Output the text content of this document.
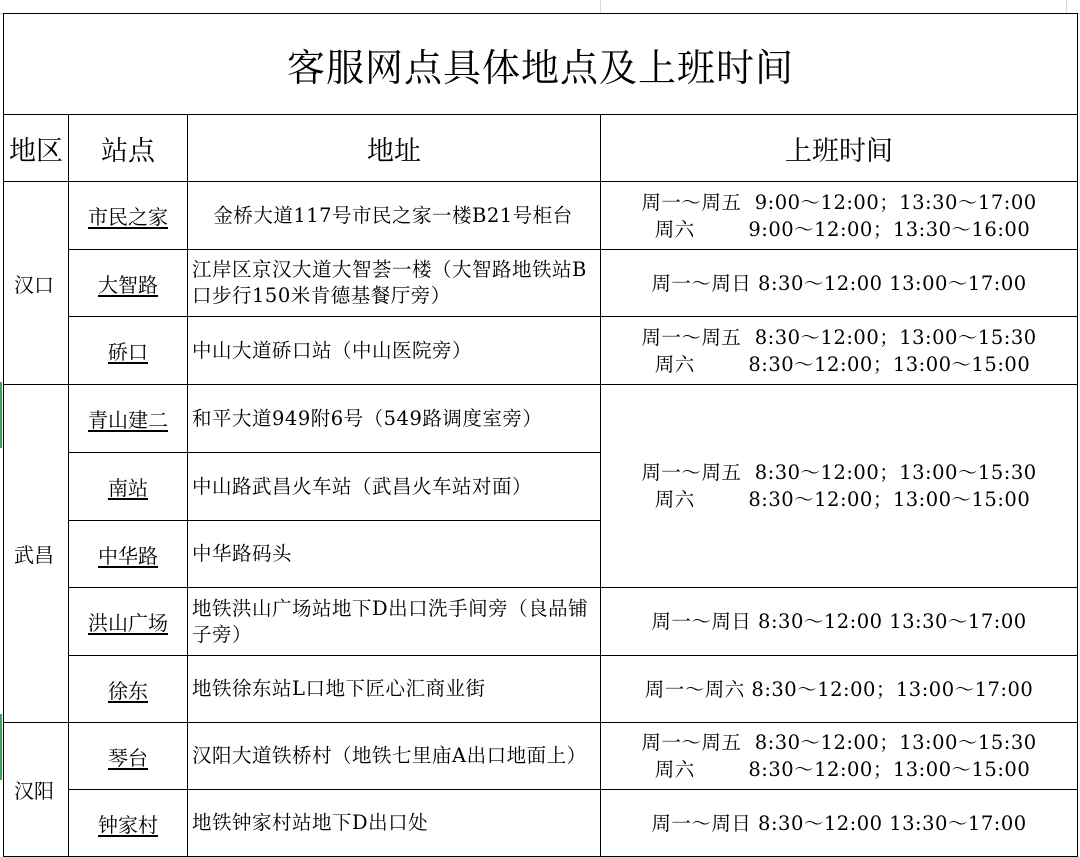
客服网点具体地点及上班时间			
地区	站点	地址	上班时间
汉口	市民之家	金桥大道117号市民之家一楼B21号柜台	周一～周五  9:00～12:00；13:30～17:00
周六        9:00～12:00；13:30～16:00

	大智路	江岸区京汉大道大智荟一楼（大智路地铁站B口步行150米肯德基餐厅旁）	周一～周日 8:30～12:00 13:00～17:00

	硚口	中山大道硚口站（中山医院旁）	周一～周五  8:30～12:00；13:00～15:30
周六        8:30～12:00；13:00～15:00

武昌	青山建二	和平大道949附6号（549路调度室旁）	周一～周五  8:30～12:00；13:00～15:30
周六        8:30～12:00；13:00～15:00

	南站	中山路武昌火车站（武昌火车站对面）	
	中华路	中华路码头	
	洪山广场	地铁洪山广场站地下D出口洗手间旁（良品铺子旁）	周一～周日 8:30～12:00 13:30～17:00

	徐东	地铁徐东站L口地下匠心汇商业街	周一～周六 8:30～12:00；13:00～17:00

汉阳	琴台	汉阳大道铁桥村（地铁七里庙A出口地面上）	周一～周五  8:30～12:00；13:00～15:30
周六        8:30～12:00；13:00～15:00

	钟家村	地铁钟家村站地下D出口处	周一～周日 8:30～12:00 13:30～17:00
